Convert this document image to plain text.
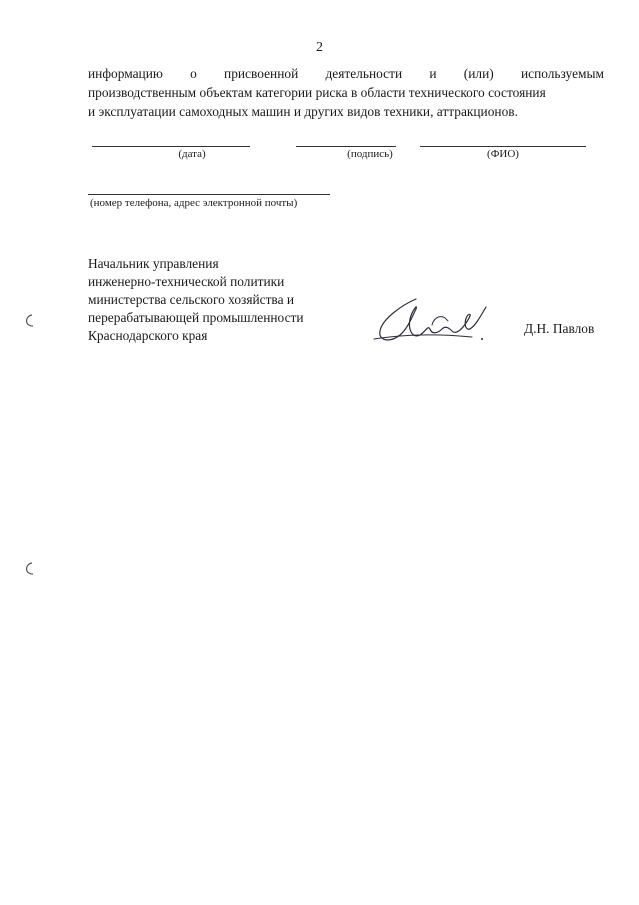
2
информацию о присвоенной деятельности и (или) используемым
производственным объектам категории риска в области технического состояния
и эксплуатации самоходных машин и других видов техники, аттракционов.
(дата)	(подпись)	(ФИО)
(номер телефона, адрес электронной почты)
Начальник управления
инженерно-технической политики
министерства сельского хозяйства и
перерабатывающей промышленности
Краснодарского края	Д.Н. Павлов
